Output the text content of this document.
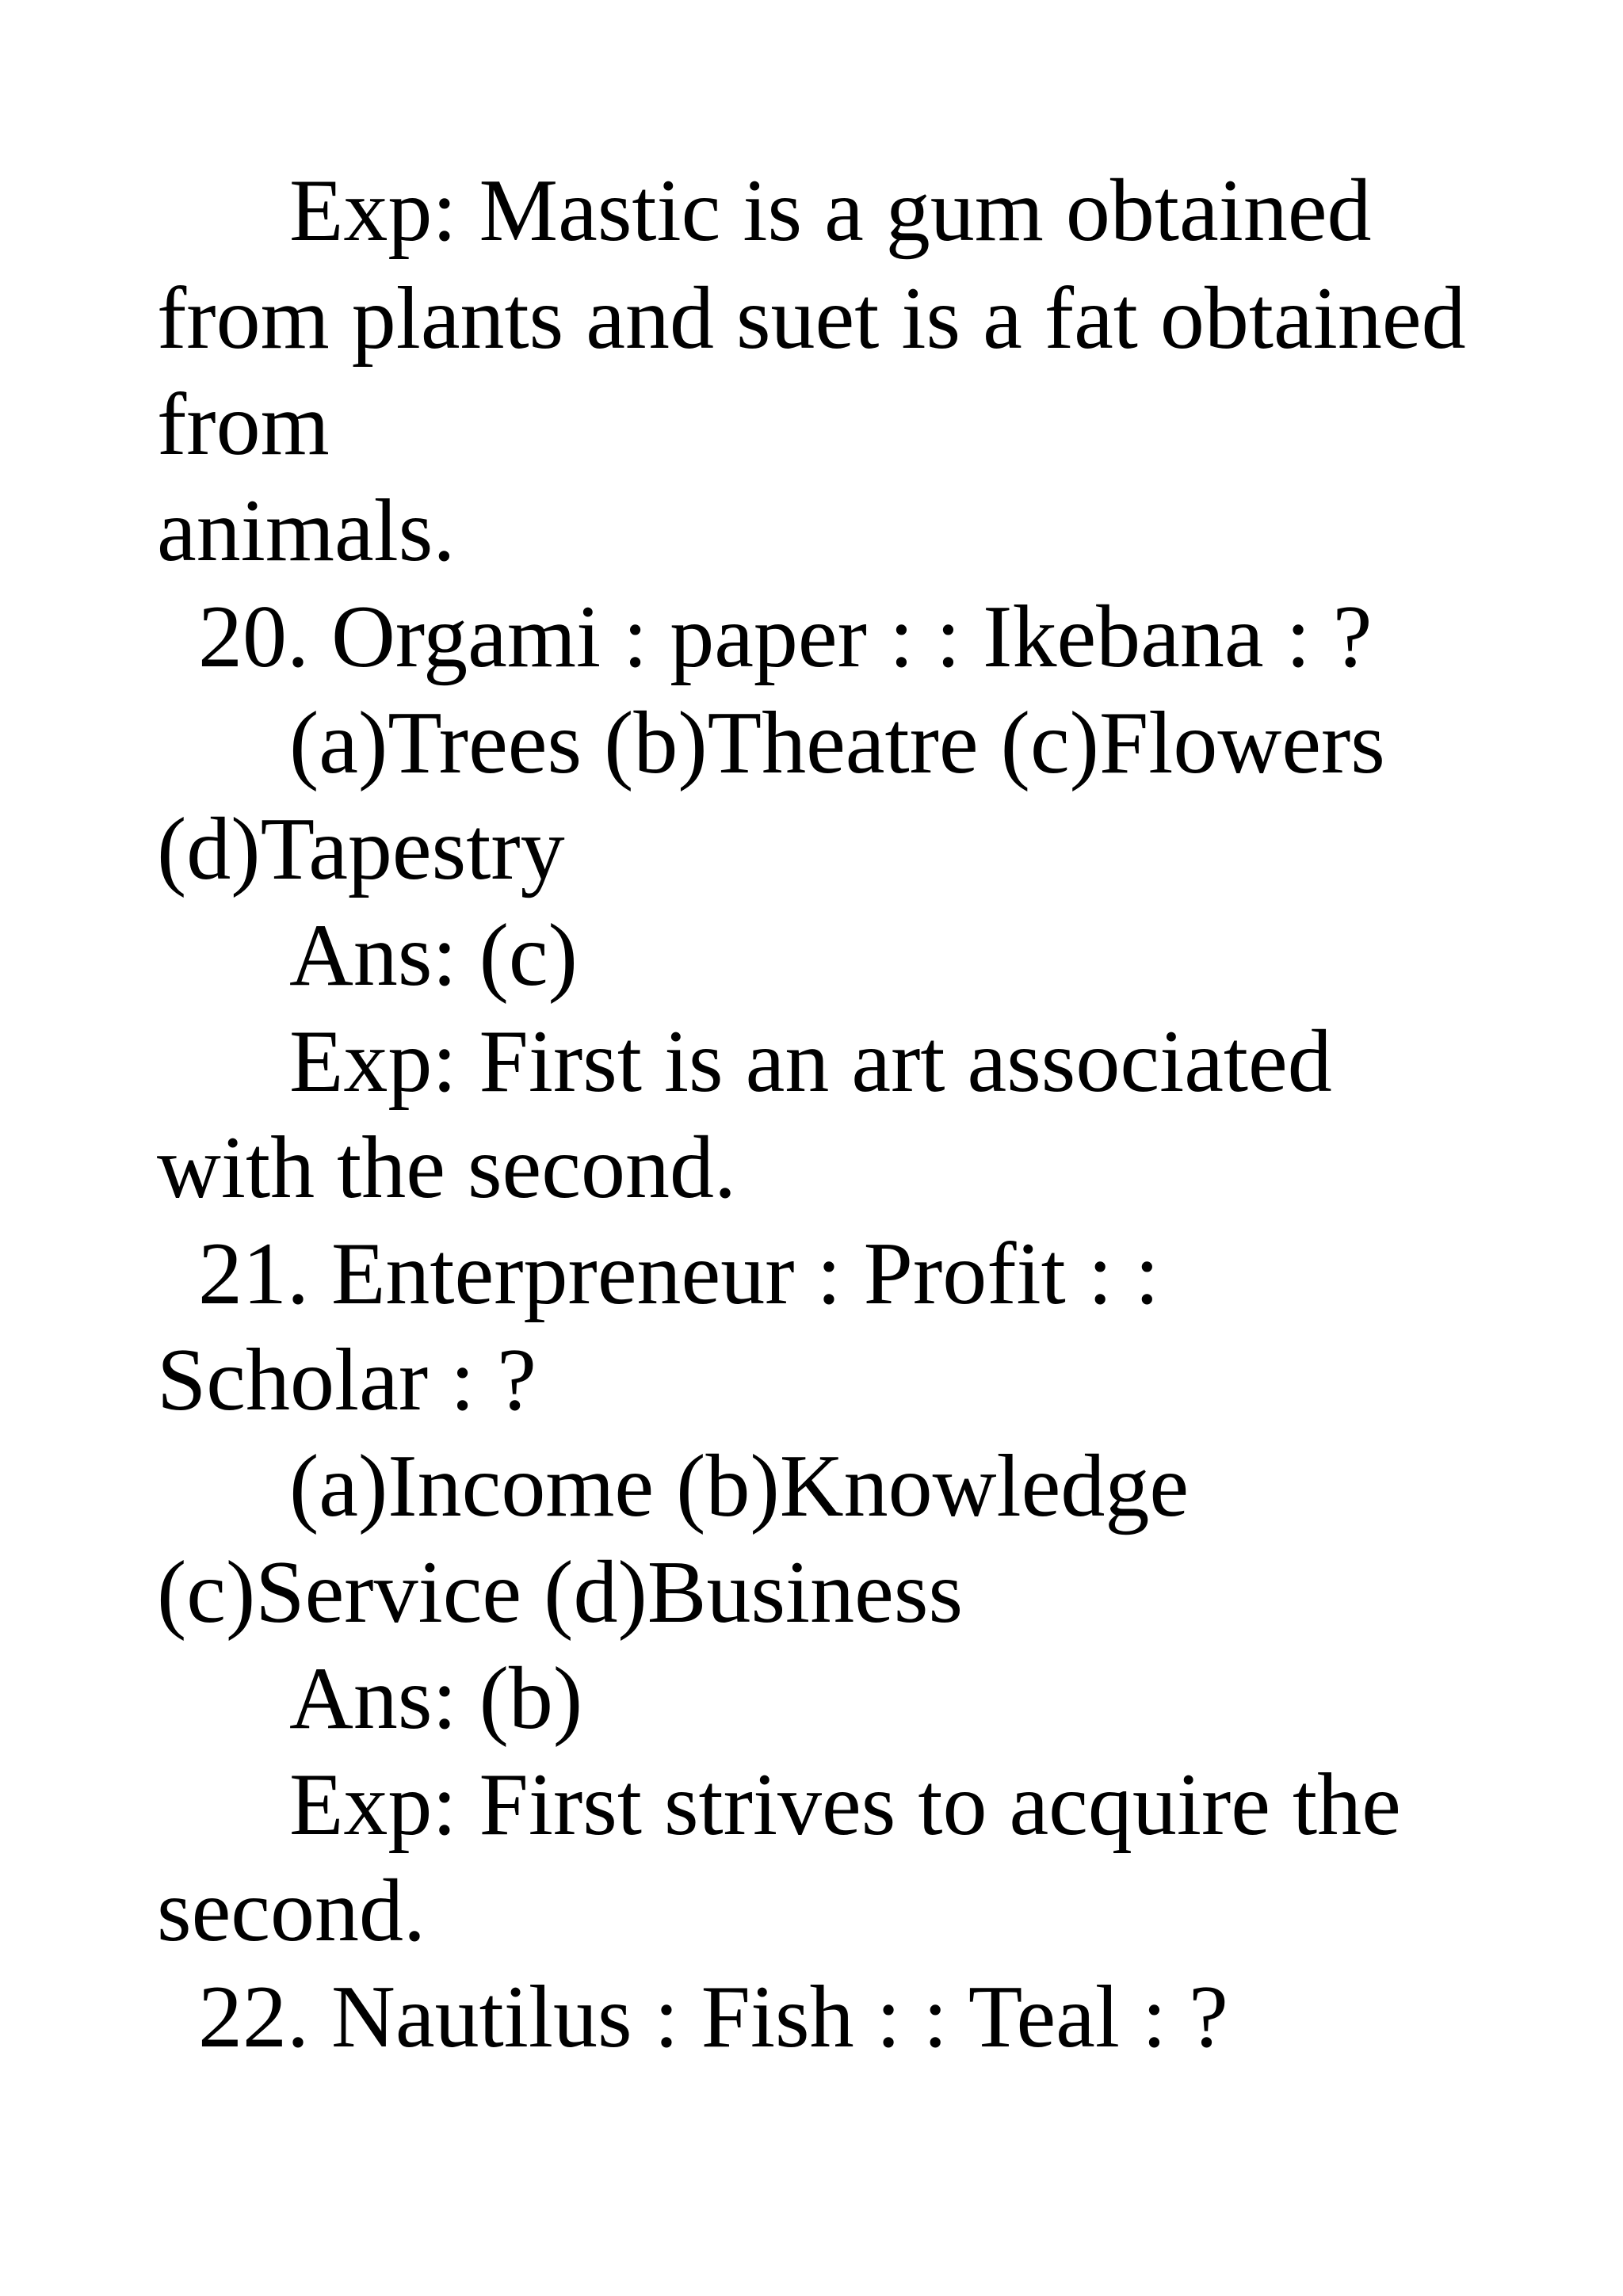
Exp: Mastic is a gum obtained
from plants and suet is a fat obtained
from
animals.
20. Orgami : paper : : Ikebana : ?
(a)Trees (b)Theatre (c)Flowers
(d)Tapestry
Ans: (c)
Exp: First is an art associated
with the second.
21. Enterpreneur : Profit : :
Scholar : ?
(a)Income (b)Knowledge
(c)Service (d)Business
Ans: (b)
Exp: First strives to acquire the
second.
22. Nautilus : Fish : : Teal : ?
